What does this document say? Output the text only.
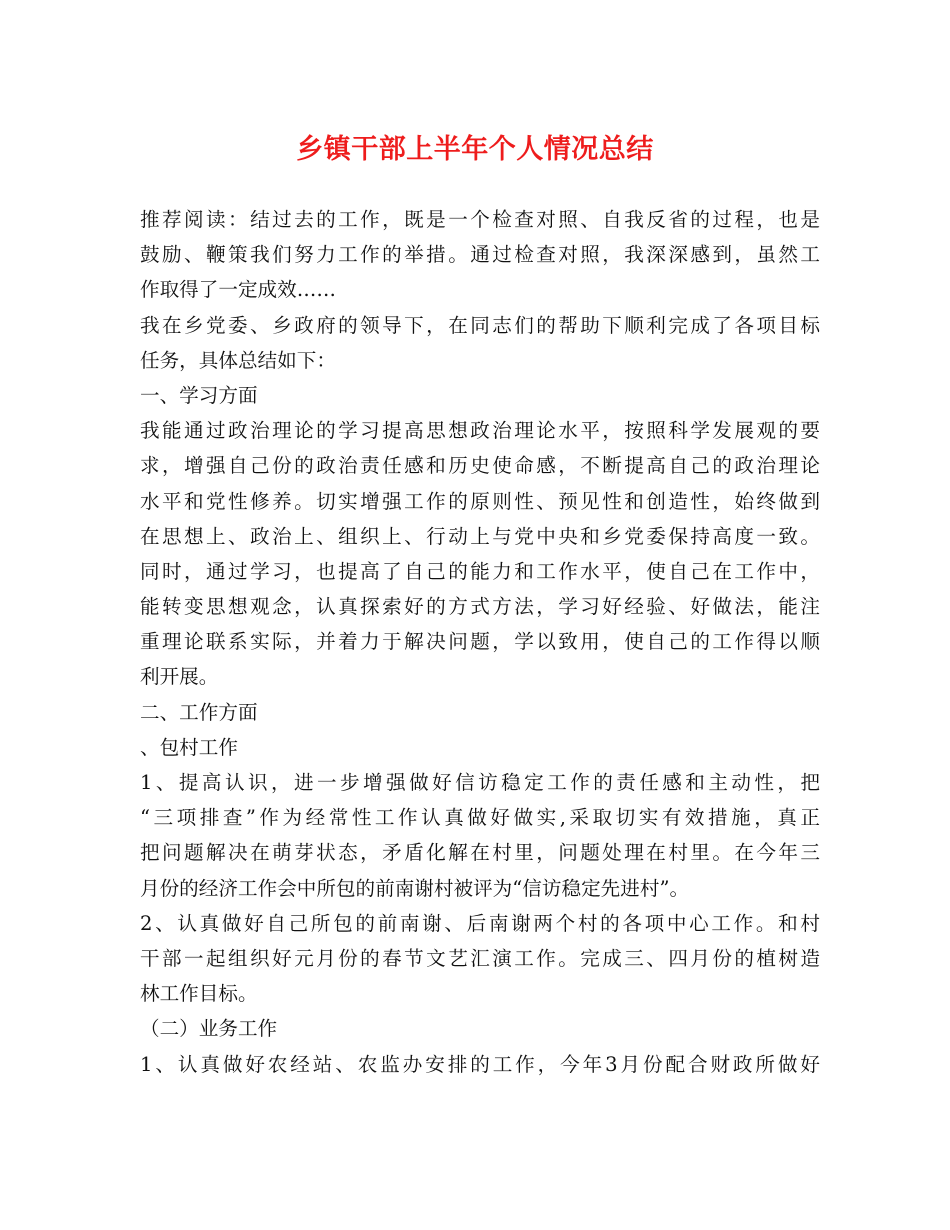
乡镇干部上半年个人情况总结
推荐阅读：结过去的工作，既是一个检查对照、自我反省的过程，也是
鼓励、鞭策我们努力工作的举措。通过检查对照，我深深感到，虽然工
作取得了一定成效……
我在乡党委、乡政府的领导下，在同志们的帮助下顺利完成了各项目标
任务，具体总结如下：
一、学习方面
我能通过政治理论的学习提高思想政治理论水平，按照科学发展观的要
求，增强自己份的政治责任感和历史使命感，不断提高自己的政治理论
水平和党性修养。切实增强工作的原则性、预见性和创造性，始终做到
在思想上、政治上、组织上、行动上与党中央和乡党委保持高度一致。
同时，通过学习，也提高了自己的能力和工作水平，使自己在工作中，
能转变思想观念，认真探索好的方式方法，学习好经验、好做法，能注
重理论联系实际，并着力于解决问题，学以致用，使自己的工作得以顺
利开展。
二、工作方面
、包村工作
1、提高认识，进一步增强做好信访稳定工作的责任感和主动性，把
“三项排查”作为经常性工作认真做好做实,采取切实有效措施，真正
把问题解决在萌芽状态，矛盾化解在村里，问题处理在村里。在今年三
月份的经济工作会中所包的前南谢村被评为“信访稳定先进村”。
2、认真做好自己所包的前南谢、后南谢两个村的各项中心工作。和村
干部一起组织好元月份的春节文艺汇演工作。完成三、四月份的植树造
林工作目标。
（二）业务工作
1、认真做好农经站、农监办安排的工作，今年3月份配合财政所做好
